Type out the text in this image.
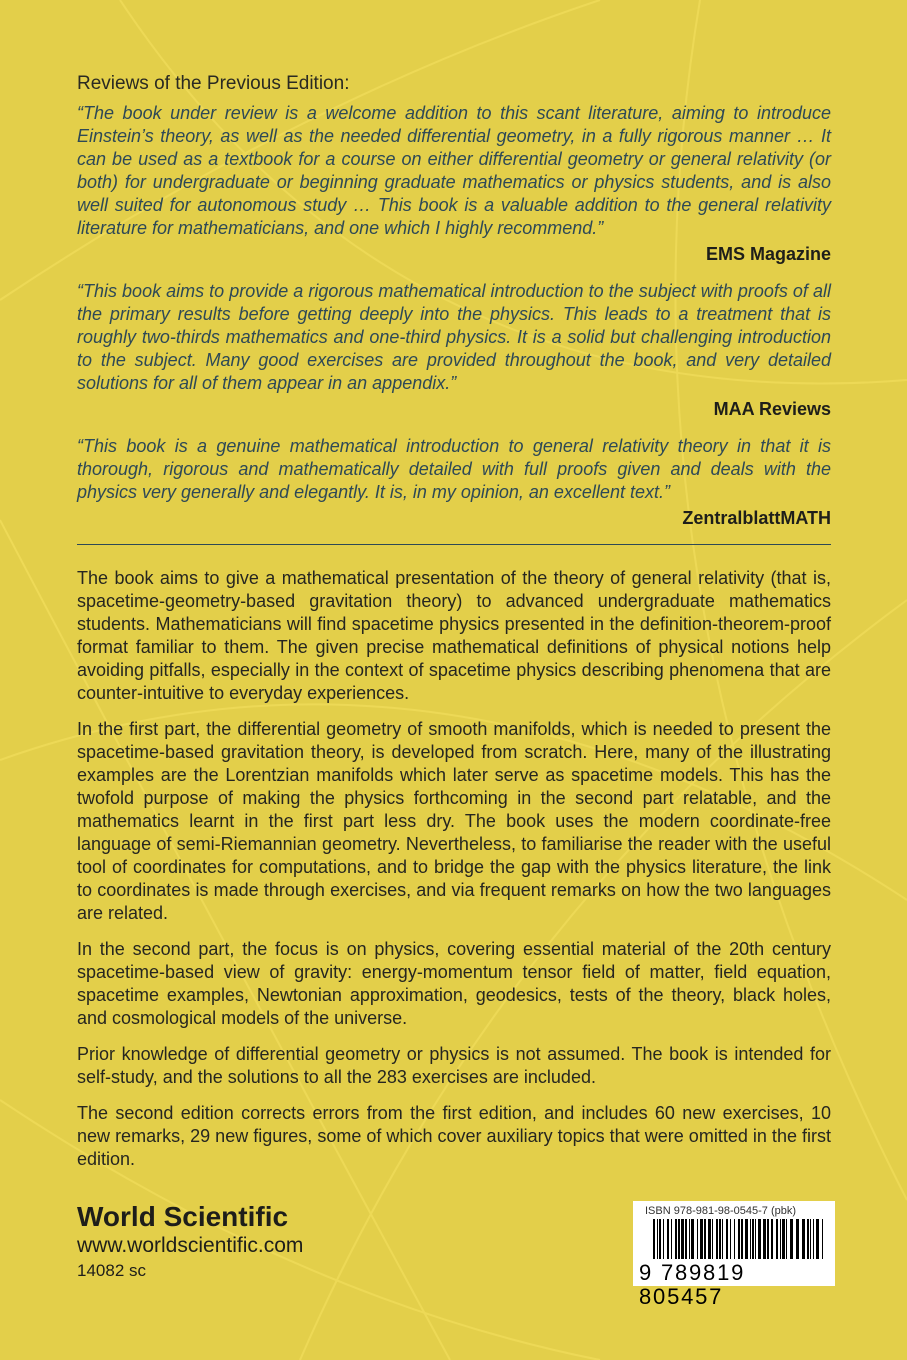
Reviews of the Previous Edition:

“The book under review is a welcome addition to this scant literature, aiming to introduce Einstein’s theory, as well as the needed differential geometry, in a fully rigorous manner … It can be used as a textbook for a course on either differential geometry or general relativity (or both) for undergraduate or beginning graduate mathematics or physics students, and is also well suited for autonomous study … This book is a valuable addition to the general relativity literature for mathematicians, and one which I highly recommend.”

EMS Magazine

“This book aims to provide a rigorous mathematical introduction to the subject with proofs of all the primary results before getting deeply into the physics. This leads to a treatment that is roughly two-thirds mathematics and one-third physics. It is a solid but challenging introduction to the subject. Many good exercises are provided throughout the book, and very detailed solutions for all of them appear in an appendix.”

MAA Reviews

“This book is a genuine mathematical introduction to general relativity theory in that it is thorough, rigorous and mathematically detailed with full proofs given and deals with the physics very generally and elegantly. It is, in my opinion, an excellent text.”

ZentralblattMATH

The book aims to give a mathematical presentation of the theory of general relativity (that is, spacetime-geometry-based gravitation theory) to advanced undergraduate mathematics students. Mathematicians will find spacetime physics presented in the definition-theorem-proof format familiar to them. The given precise mathematical definitions of physical notions help avoiding pitfalls, especially in the context of spacetime physics describing phenomena that are counter-intuitive to everyday experiences.

In the first part, the differential geometry of smooth manifolds, which is needed to present the spacetime-based gravitation theory, is developed from scratch. Here, many of the illustrating examples are the Lorentzian manifolds which later serve as spacetime models. This has the twofold purpose of making the physics forthcoming in the second part relatable, and the mathematics learnt in the first part less dry. The book uses the modern coordinate-free language of semi-Riemannian geometry. Nevertheless, to familiarise the reader with the useful tool of coordinates for computations, and to bridge the gap with the physics literature, the link to coordinates is made through exercises, and via frequent remarks on how the two languages are related.

In the second part, the focus is on physics, covering essential material of the 20th century spacetime-based view of gravity: energy-momentum tensor field of matter, field equation, spacetime examples, Newtonian approximation, geodesics, tests of the theory, black holes, and cosmological models of the universe.

Prior knowledge of differential geometry or physics is not assumed. The book is intended for self-study, and the solutions to all the 283 exercises are included.

The second edition corrects errors from the first edition, and includes 60 new exercises, 10 new remarks, 29 new figures, some of which cover auxiliary topics that were omitted in the first edition.

World Scientific
www.worldscientific.com
14082 sc
ISBN 978-981-98-0545-7 (pbk)
9 789819 805457
